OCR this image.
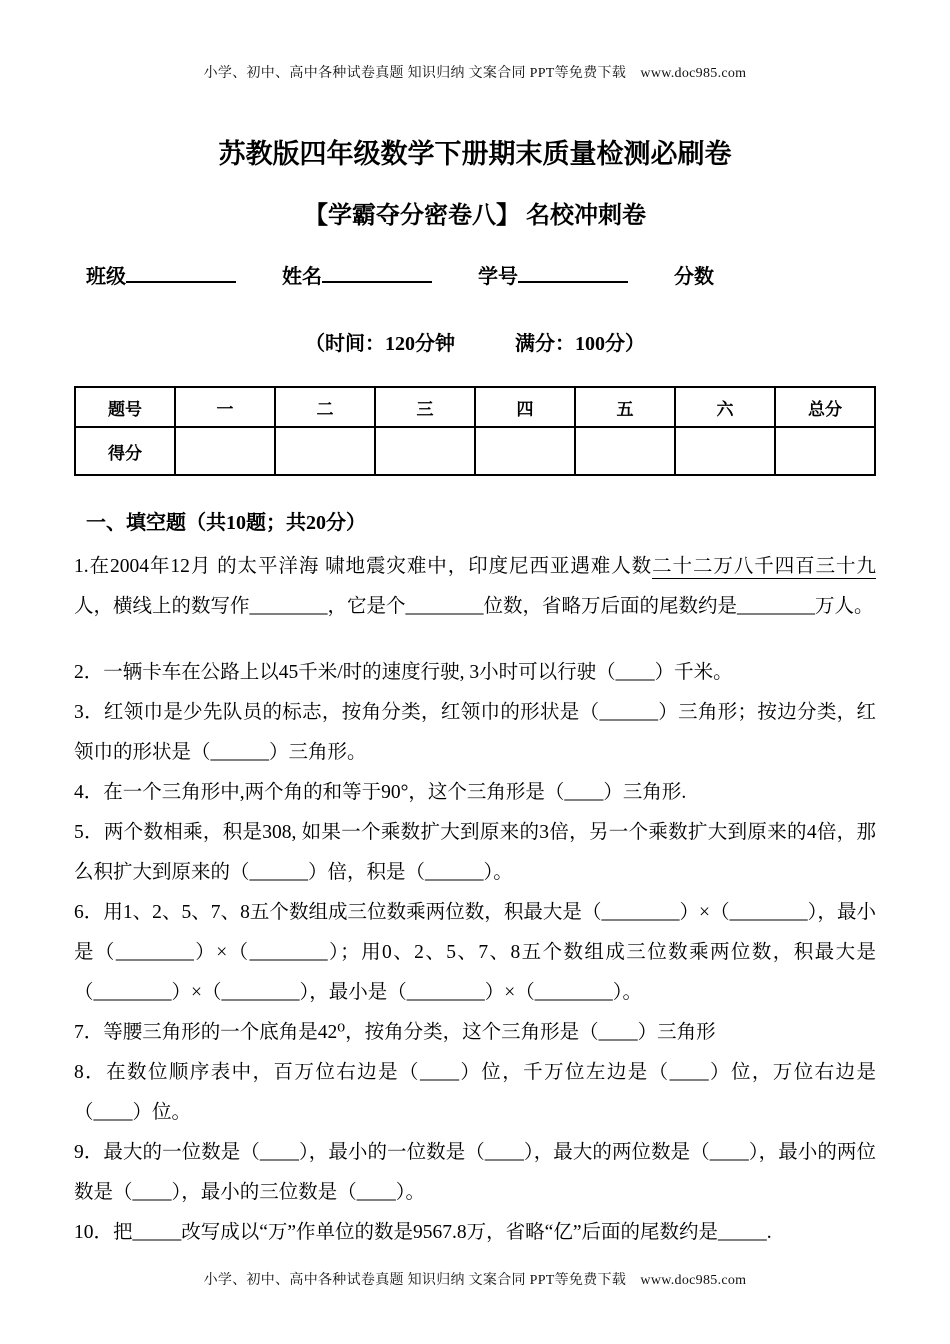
小学、初中、高中各种试卷真题 知识归纳 文案合同 PPT等免费下载　www.doc985.com
苏教版四年级数学下册期末质量检测必刷卷
【学霸夺分密卷八】 名校冲刺卷
班级	姓名	学号	分数
（时间：120分钟　　　满分：100分）
题号	一	二	三	四	五	六	总分
得分							
一、填空题（共10题；共20分）

1.在2004年12月 的太平洋海 啸地震灾难中，印度尼西亚遇难人数二十二万八千四百三十九人，横线上的数写作________，它是个________位数，省略万后面的尾数约是________万人。

2．一辆卡车在公路上以45千米/时的速度行驶, 3小时可以行驶（____）千米。

3．红领巾是少先队员的标志，按角分类，红领巾的形状是（______）三角形；按边分类，红领巾的形状是（______）三角形。

4．在一个三角形中,两个角的和等于90°，这个三角形是（____）三角形.

5．两个数相乘，积是308, 如果一个乘数扩大到原来的3倍，另一个乘数扩大到原来的4倍，那么积扩大到原来的（______）倍，积是（______）。

6．用1、2、5、7、8五个数组成三位数乘两位数，积最大是（________）×（________），最小是（________）×（________）；用0、2、5、7、8五个数组成三位数乘两位数，积最大是（________）×（________），最小是（________）×（________）。

7．等腰三角形的一个底角是42⁰，按角分类，这个三角形是（____）三角形

8．在数位顺序表中，百万位右边是（____）位，千万位左边是（____）位，万位右边是（____）位。

9．最大的一位数是（____），最小的一位数是（____），最大的两位数是（____），最小的两位数是（____），最小的三位数是（____）。

10．把_____改写成以“万”作单位的数是9567.8万，省略“亿”后面的尾数约是_____.

小学、初中、高中各种试卷真题 知识归纳 文案合同 PPT等免费下载　www.doc985.com
